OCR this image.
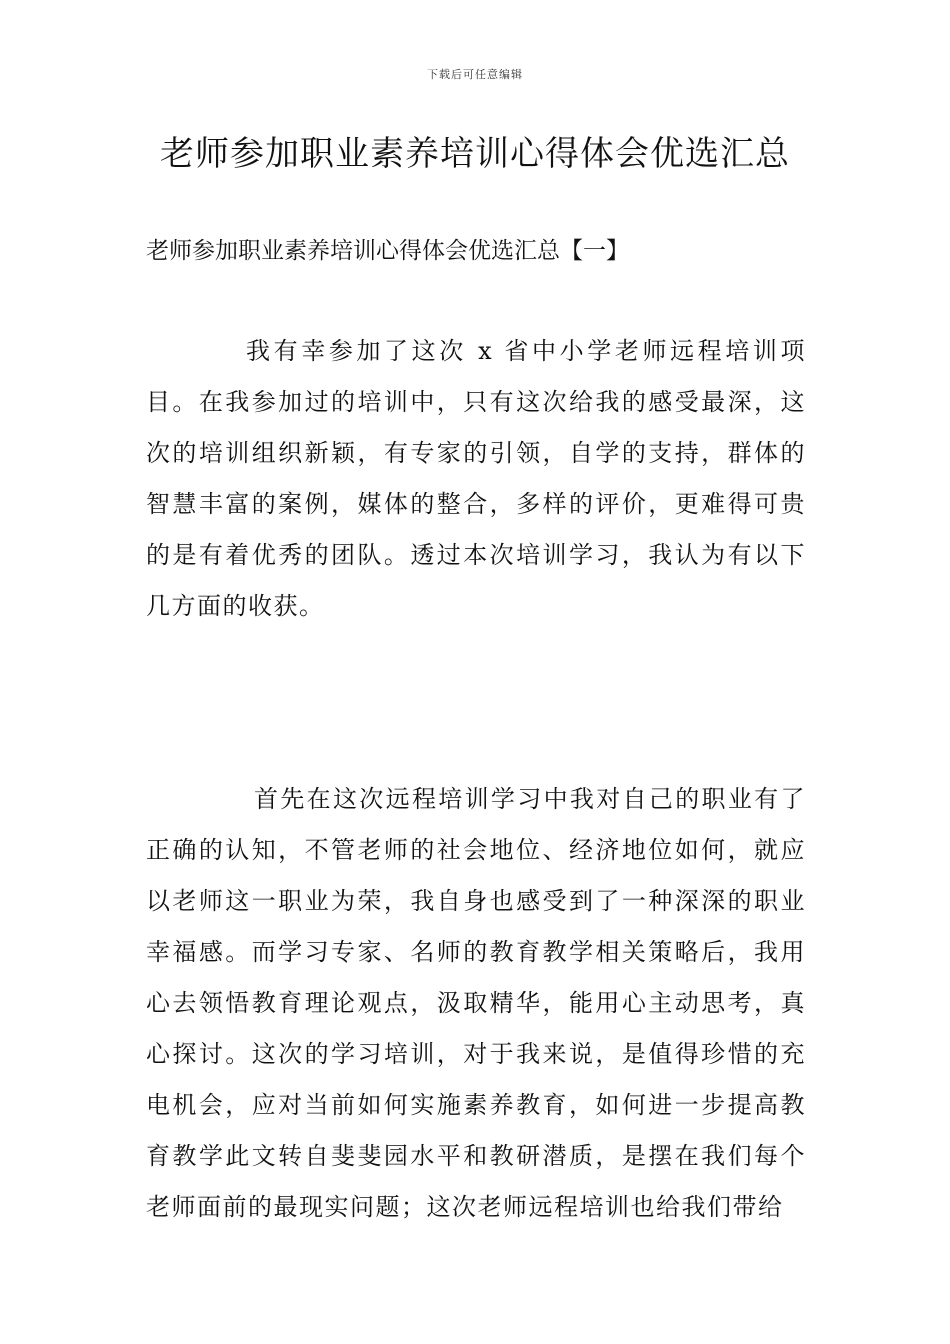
下载后可任意编辑
老师参加职业素养培训心得体会优选汇总
老师参加职业素养培训心得体会优选汇总【一】

我有幸参加了这次 x 省中小学老师远程培训项目。在我参加过的培训中，只有这次给我的感受最深，这次的培训组织新颖，有专家的引领，自学的支持，群体的智慧丰富的案例，媒体的整合，多样的评价，更难得可贵的是有着优秀的团队。透过本次培训学习，我认为有以下几方面的收获。

首先在这次远程培训学习中我对自己的职业有了正确的认知，不管老师的社会地位、经济地位如何，就应以老师这一职业为荣，我自身也感受到了一种深深的职业幸福感。而学习专家、名师的教育教学相关策略后，我用心去领悟教育理论观点，汲取精华，能用心主动思考，真心探讨。这次的学习培训，对于我来说，是值得珍惜的充电机会，应对当前如何实施素养教育，如何进一步提高教育教学此文转自斐斐园水平和教研潜质，是摆在我们每个老师面前的最现实问题；这次老师远程培训也给我们带给
